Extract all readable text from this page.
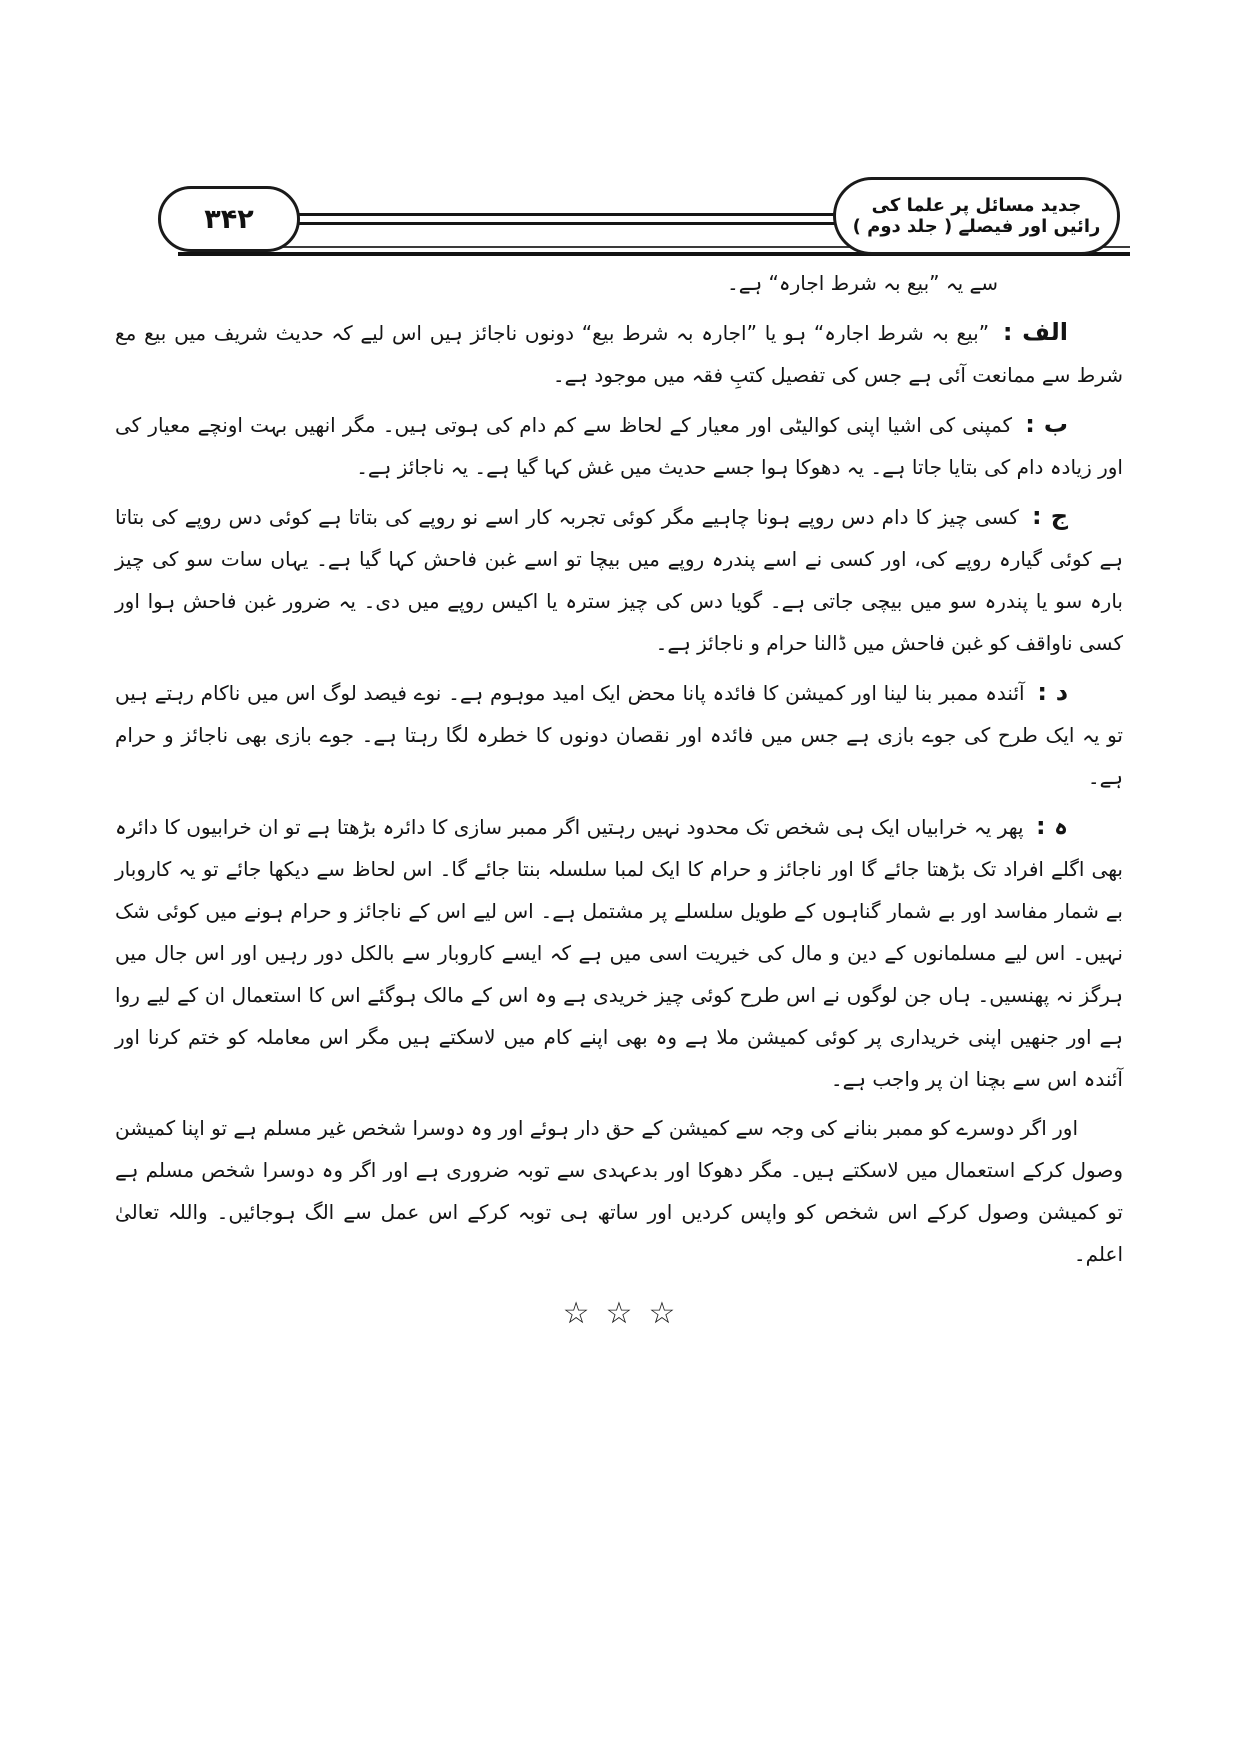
۳۴۲	جدید مسائل پر علما کی رائیں اور فیصلے ( جلد دوم )

سے یہ ”بیع بہ شرط اجارہ“ ہے۔

الف : ”بیع بہ شرط اجارہ“ ہو یا ”اجارہ بہ شرط بیع“ دونوں ناجائز ہیں اس لیے کہ حدیث شریف میں بیع مع شرط سے ممانعت آئی ہے جس کی تفصیل کتبِ فقہ میں موجود ہے۔

ب : کمپنی کی اشیا اپنی کوالیٹی اور معیار کے لحاظ سے کم دام کی ہوتی ہیں۔ مگر انھیں بہت اونچے معیار کی اور زیادہ دام کی بتایا جاتا ہے۔ یہ دھوکا ہوا جسے حدیث میں غش کہا گیا ہے۔ یہ ناجائز ہے۔

ج : کسی چیز کا دام دس روپے ہونا چاہیے مگر کوئی تجربہ کار اسے نو روپے کی بتاتا ہے کوئی دس روپے کی بتاتا ہے کوئی گیارہ روپے کی، اور کسی نے اسے پندرہ روپے میں بیچا تو اسے غبن فاحش کہا گیا ہے۔ یہاں سات سو کی چیز بارہ سو یا پندرہ سو میں بیچی جاتی ہے۔ گویا دس کی چیز سترہ یا اکیس روپے میں دی۔ یہ ضرور غبن فاحش ہوا اور کسی ناواقف کو غبن فاحش میں ڈالنا حرام و ناجائز ہے۔

د : آئندہ ممبر بنا لینا اور کمیشن کا فائدہ پانا محض ایک امید موہوم ہے۔ نوے فیصد لوگ اس میں ناکام رہتے ہیں تو یہ ایک طرح کی جوے بازی ہے جس میں فائدہ اور نقصان دونوں کا خطرہ لگا رہتا ہے۔ جوے بازی بھی ناجائز و حرام ہے۔

ہ : پھر یہ خرابیاں ایک ہی شخص تک محدود نہیں رہتیں اگر ممبر سازی کا دائرہ بڑھتا ہے تو ان خرابیوں کا دائرہ بھی اگلے افراد تک بڑھتا جائے گا اور ناجائز و حرام کا ایک لمبا سلسلہ بنتا جائے گا۔ اس لحاظ سے دیکھا جائے تو یہ کاروبار بے شمار مفاسد اور بے شمار گناہوں کے طویل سلسلے پر مشتمل ہے۔ اس لیے اس کے ناجائز و حرام ہونے میں کوئی شک نہیں۔ اس لیے مسلمانوں کے دین و مال کی خیریت اسی میں ہے کہ ایسے کاروبار سے بالکل دور رہیں اور اس جال میں ہرگز نہ پھنسیں۔ ہاں جن لوگوں نے اس طرح کوئی چیز خریدی ہے وہ اس کے مالک ہوگئے اس کا استعمال ان کے لیے روا ہے اور جنھیں اپنی خریداری پر کوئی کمیشن ملا ہے وہ بھی اپنے کام میں لاسکتے ہیں مگر اس معاملہ کو ختم کرنا اور آئندہ اس سے بچنا ان پر واجب ہے۔

اور اگر دوسرے کو ممبر بنانے کی وجہ سے کمیشن کے حق دار ہوئے اور وہ دوسرا شخص غیر مسلم ہے تو اپنا کمیشن وصول کرکے استعمال میں لاسکتے ہیں۔ مگر دھوکا اور بدعہدی سے توبہ ضروری ہے اور اگر وہ دوسرا شخص مسلم ہے تو کمیشن وصول کرکے اس شخص کو واپس کردیں اور ساتھ ہی توبہ کرکے اس عمل سے الگ ہوجائیں۔ واللہ تعالیٰ اعلم۔

☆☆☆
